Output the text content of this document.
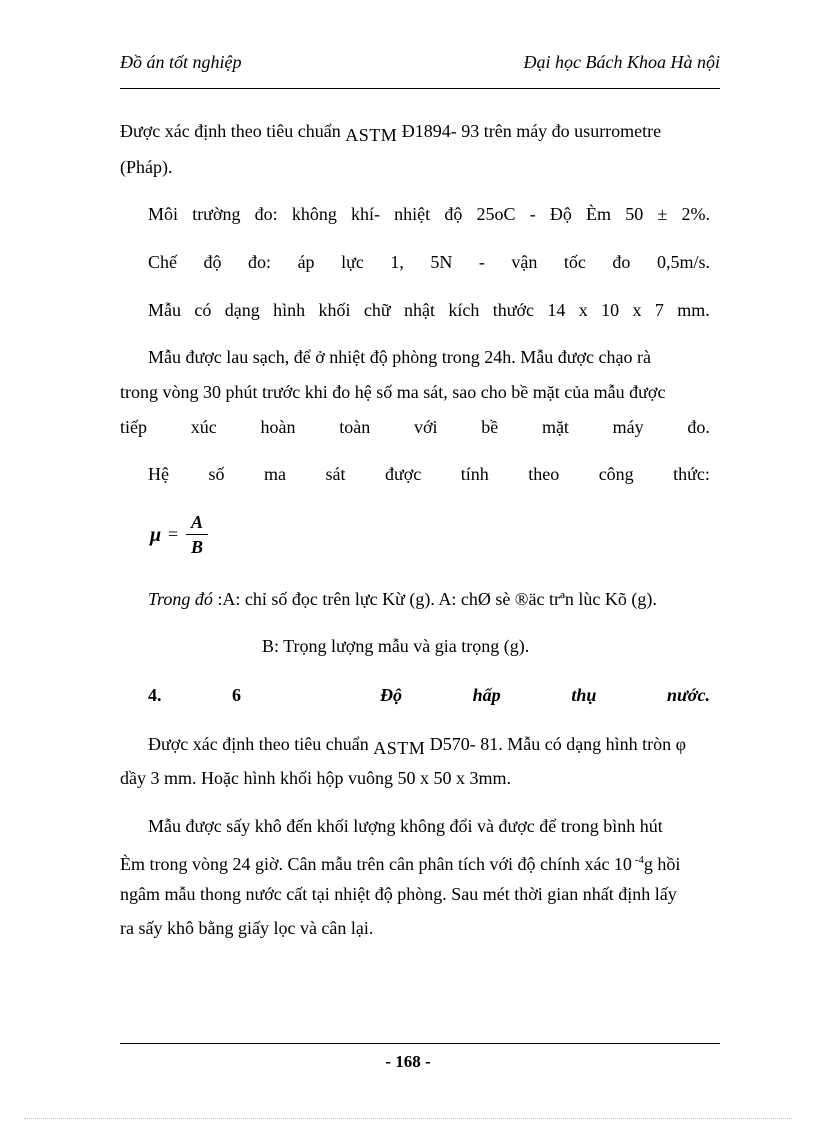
Đồ án tốt nghiệp	Đại học Bách Khoa Hà nội
Được xác định theo tiêu chuẩn ASTM Đ1894- 93 trên máy đo usurrometre
(Pháp).
Môi trường đo: không khí- nhiệt độ 25oC - Độ Èm 50 ± 2%.
Chế độ đo: áp lực 1, 5N - vận tốc đo 0,5m/s.
Mẫu có dạng hình khối chữ nhật kích thước 14 x 10 x 7 mm.
Mẫu được lau sạch, để ở nhiệt độ phòng trong 24h. Mẫu được chạo rà
trong vòng 30 phút trước khi đo hệ số ma sát, sao cho bề mặt của mẫu được
tiếp xúc hoàn toàn với bề mặt máy đo.
Hệ số ma sát được tính theo công thức:
μ =
A
B
Trong đó :A: chỉ số đọc trên lực Kừ (g). A: chØ sè ®äc trªn lùc Kõ (g).
B: Trọng lượng mẫu và gia trọng (g).
4.	6	Độ	hấp	thụ	nước.
Được xác định theo tiêu chuẩn ASTM D570- 81. Mẫu có dạng hình tròn φ
dầy 3 mm. Hoặc hình khối hộp vuông 50 x 50 x 3mm.
Mẫu được sấy khô đến khối lượng không đổi và được để trong bình hút
Èm trong vòng 24 giờ. Cân mẫu trên cân phân tích với độ chính xác 10 $^{-4}$g hồi
ngâm mẫu thong nước cất tại nhiệt độ phòng. Sau mét thời gian nhất định lấy
ra sấy khô bằng giấy lọc và cân lại.
- 168 -
